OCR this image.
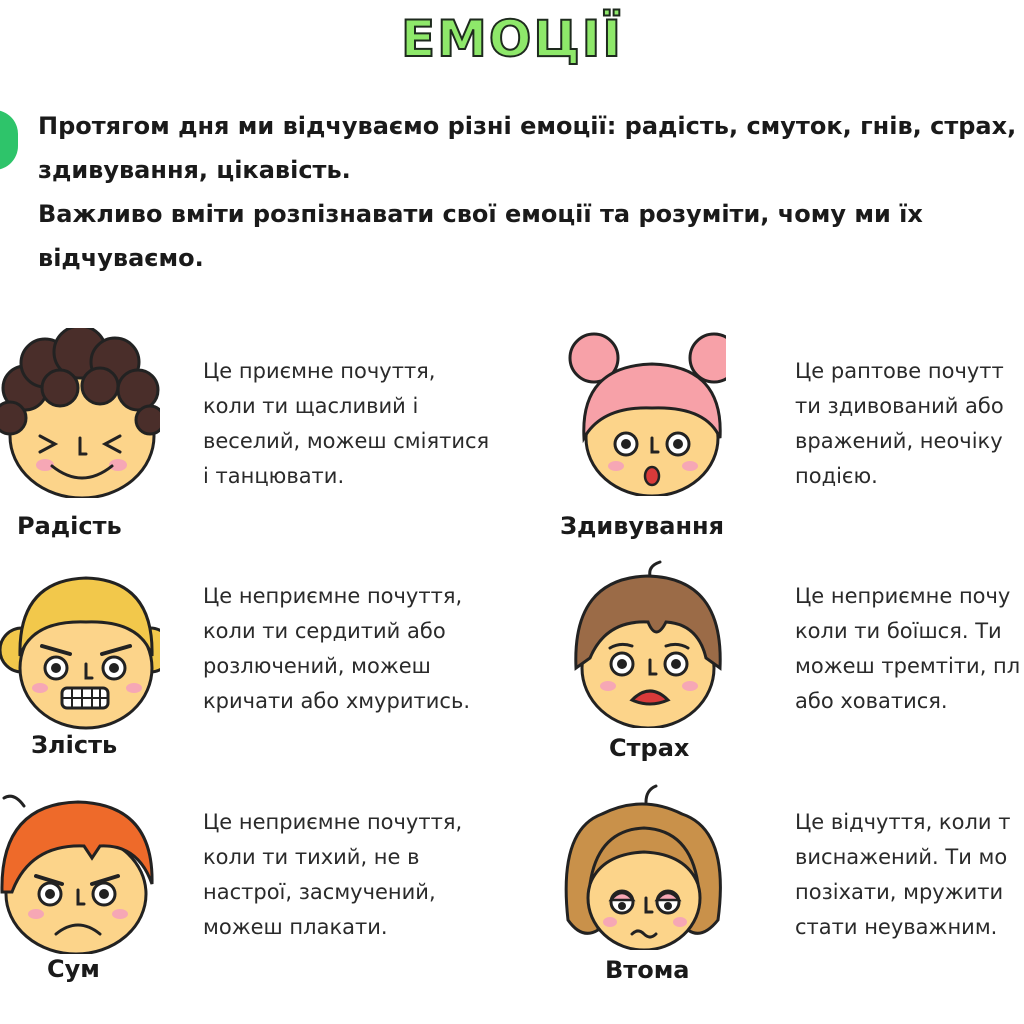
ЕМОЦІЇ

Протягом дня ми відчуваємо різні емоції: радість, смуток, гнів, страх,

здивування, цікавість.

Важливо вміти розпізнавати свої емоції та розуміти, чому ми їх

відчуваємо.

Радість
Це приємне почуття,
коли ти щасливий і
веселий, можеш сміятися
і танцювати.
Здивування
Це раптове почутт
ти здивований або
вражений, неочіку
подією.
Злість
Це неприємне почуття,
коли ти сердитий або
розлючений, можеш
кричати або хмуритись.
Страх
Це неприємне почу
коли ти боїшся. Ти
можеш тремтіти, пл
або ховатися.
Сум
Це неприємне почуття,
коли ти тихий, не в
настрої, засмучений,
можеш плакати.
Втома
Це відчуття, коли т
виснажений. Ти мо
позіхати, мружити
стати неуважним.
